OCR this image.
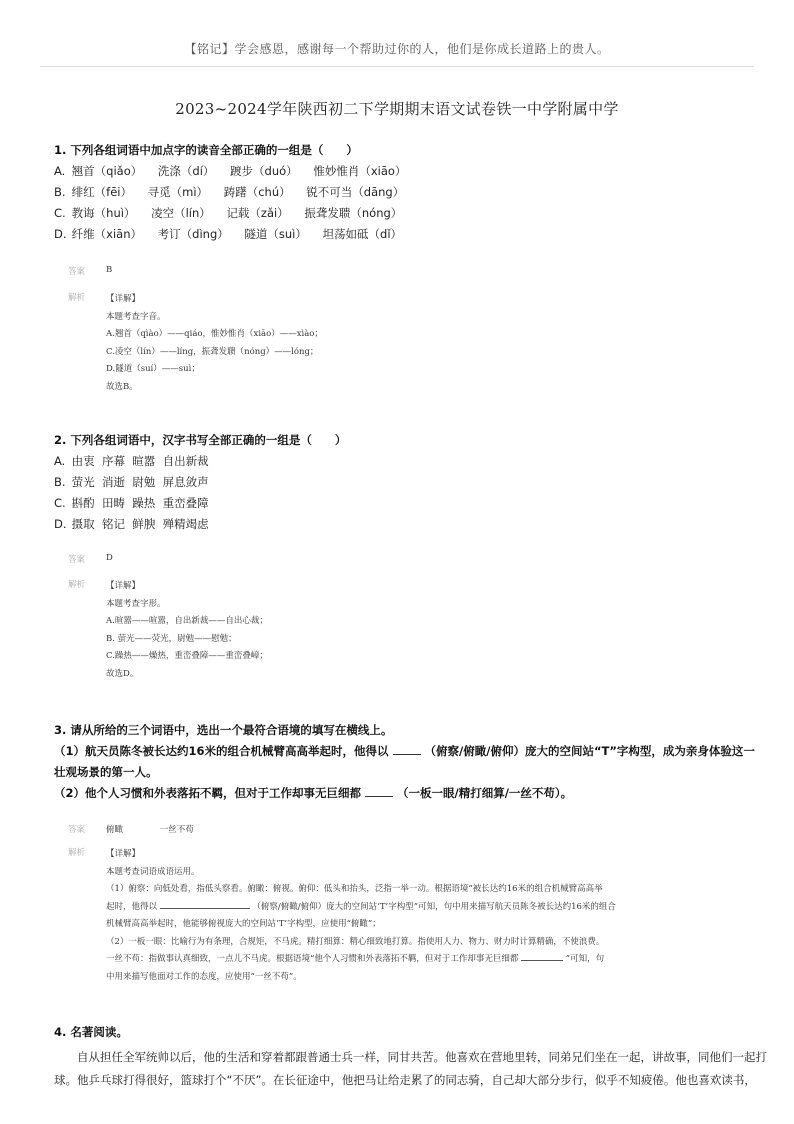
【铭记】学会感恩，感谢每一个帮助过你的人，他们是你成长道路上的贵人。
2023~2024学年陕西初二下学期期末语文试卷铁一中学附属中学
1. 下列各组词语中加点字的读音全部正确的一组是（　　）
A. 翘首（qiǎo） 洗涤（dí） 踱步（duó） 惟妙惟肖（xiāo）
B. 绯红（fēi） 寻觅（mì） 踌躇（chú） 锐不可当（dāng）
C. 教诲（huì） 凌空（lín） 记载（zǎi） 振聋发聩（nóng）
D. 纤维（xiān） 考订（dìng） 隧道（suì） 坦荡如砥（dǐ）
答案 B
解析 【详解】
本题考查字音。
A.翘首（qìào）——qiáo，惟妙惟肖（xiāo）——xìào；
C.凌空（lín）——líng，振聋发聩（nóng）——lóng；
D.隧道（suí）——suì；
故选B。
2. 下列各组词语中，汉字书写全部正确的一组是（　　）
A. 由衷  序幕  暄嚣  自出新裁
B. 萤光  消逝  尉勉  屏息敛声
C. 斟酌  田畴  躁热  重峦叠障
D. 摄取  铭记  鲜腴  殚精竭虑
答案 D
解析 【详解】
本题考查字形。
A.暄嚣——喧嚣，自出新裁——自出心裁；
B. 萤光——荧光，尉勉——慰勉；
C.躁热——燥热，重峦叠障——重峦叠嶂；
故选D。
3. 请从所给的三个词语中，选出一个最符合语境的填写在横线上。
（1）航天员陈冬被长达约16米的组合机械臂高高举起时，他得以	（俯察/俯瞰/俯仰）庞大的空间站“T”字构型，成为亲身体验这一
壮观场景的第一人。
（2）他个人习惯和外表落拓不羁，但对于工作却事无巨细都	（一板一眼/精打细算/一丝不苟）。
答案 俯瞰	一丝不苟
解析 【详解】
本题考查词语成语运用。
（1）俯察：向低处看，指低头察看。俯瞰：俯视。俯仰：低头和抬头，泛指一举一动。根据语境“被长达约16米的组合机械臂高高举
起时，他得以	（俯察/俯瞰/俯仰）庞大的空间站‘T’字构型”可知，句中用来描写航天员陈冬被长达约16米的组合
机械臂高高举起时，他能够俯视庞大的空间站‘T’字构型，应使用“俯瞰”；
（2）一板一眼：比喻行为有条理，合规矩，不马虎。精打细算：精心细致地打算。指使用人力、物力、财力时计算精确，不使浪费。
一丝不苟：指做事认真细致，一点儿不马虎。根据语境“他个人习惯和外表落拓不羁，但对于工作却事无巨细都	”可知，句
中用来描写他面对工作的态度，应使用“一丝不苟”。
4. 名著阅读。
自从担任全军统帅以后，他的生活和穿着都跟普通士兵一样，同甘共苦。他喜欢在营地里转，同弟兄们坐在一起，讲故事，同他们一起打
球。他乒乓球打得很好，篮球打个“不厌”。在长征途中，他把马让给走累了的同志骑，自己却大部分步行，似乎不知疲倦。他也喜欢读书，
